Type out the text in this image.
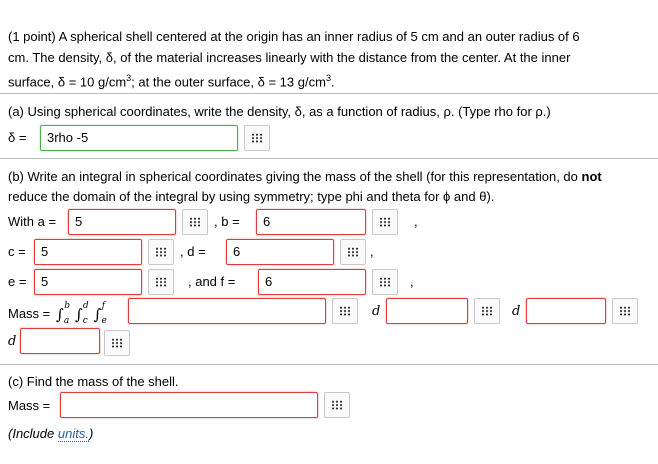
(1 point) A spherical shell centered at the origin has an inner radius of 5 cm and an outer radius of 6
cm. The density, δ, of the material increases linearly with the distance from the center. At the inner
surface, δ = 10 $g/cm^3$; at the outer surface, δ = 13 $g/cm^3$.
(a) Using spherical coordinates, write the density, δ, as a function of radius, ρ. (Type rho for ρ.)
δ =	3rho -5
(b) Write an integral in spherical coordinates giving the mass of the shell (for this representation, do not
reduce the domain of the integral by using symmetry; type phi and theta for ϕ and θ).
With a =	5	, b =	6	,
c =	5	, d =	6	,
e =	5	, and f =	6	,
Mass = $\int_a^b$ $\int_c^d$ $\int_e^f$	d	d
d
(c) Find the mass of the shell.
Mass =
(Include units.)
